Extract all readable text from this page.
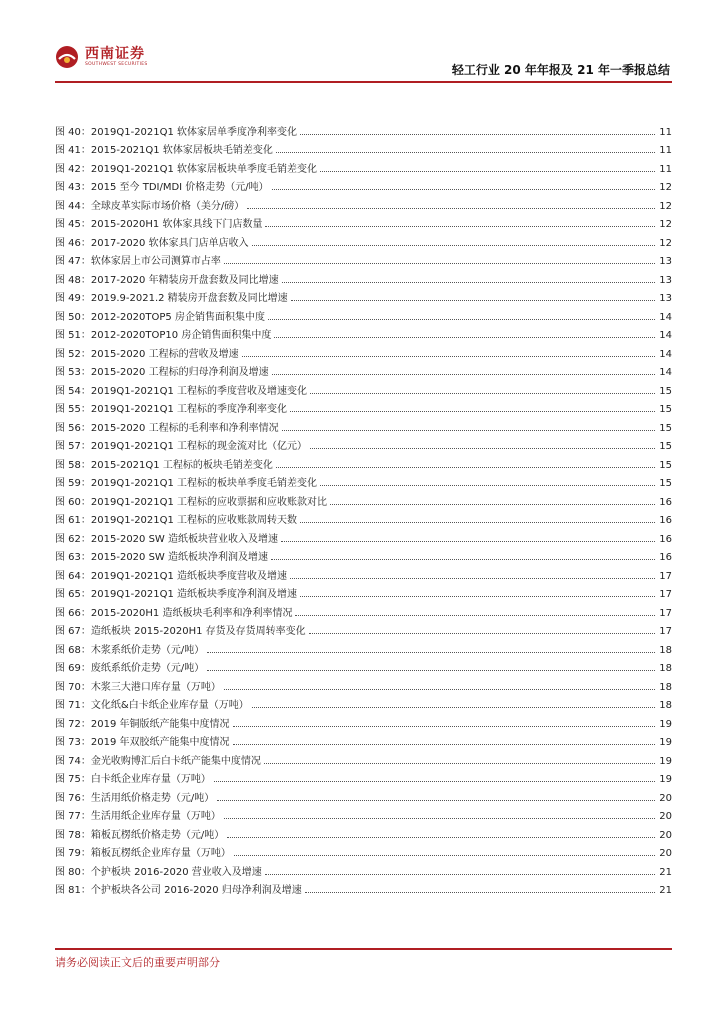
西南证券
SOUTHWEST SECURITIES	轻工行业 20 年年报及 21 年一季报总结
图 40：2019Q1-2021Q1 软体家居单季度净利率变化	11
图 41：2015-2021Q1 软体家居板块毛销差变化	11
图 42：2019Q1-2021Q1 软体家居板块单季度毛销差变化	11
图 43：2015 至今 TDI/MDI 价格走势（元/吨）	12
图 44：全球皮革实际市场价格（美分/磅）	12
图 45：2015-2020H1 软体家具线下门店数量	12
图 46：2017-2020 软体家具门店单店收入	12
图 47：软体家居上市公司测算市占率	13
图 48：2017-2020 年精装房开盘套数及同比增速	13
图 49：2019.9-2021.2 精装房开盘套数及同比增速	13
图 50：2012-2020TOP5 房企销售面积集中度	14
图 51：2012-2020TOP10 房企销售面积集中度	14
图 52：2015-2020 工程标的营收及增速	14
图 53：2015-2020 工程标的归母净利润及增速	14
图 54：2019Q1-2021Q1 工程标的季度营收及增速变化	15
图 55：2019Q1-2021Q1 工程标的季度净利率变化	15
图 56：2015-2020 工程标的毛利率和净利率情况	15
图 57：2019Q1-2021Q1 工程标的现金流对比（亿元）	15
图 58：2015-2021Q1 工程标的板块毛销差变化	15
图 59：2019Q1-2021Q1 工程标的板块单季度毛销差变化	15
图 60：2019Q1-2021Q1 工程标的应收票据和应收账款对比	16
图 61：2019Q1-2021Q1 工程标的应收账款周转天数	16
图 62：2015-2020 SW 造纸板块营业收入及增速	16
图 63：2015-2020 SW 造纸板块净利润及增速	16
图 64：2019Q1-2021Q1 造纸板块季度营收及增速	17
图 65：2019Q1-2021Q1 造纸板块季度净利润及增速	17
图 66：2015-2020H1 造纸板块毛利率和净利率情况	17
图 67：造纸板块 2015-2020H1 存货及存货周转率变化	17
图 68：木浆系纸价走势（元/吨）	18
图 69：废纸系纸价走势（元/吨）	18
图 70：木浆三大港口库存量（万吨）	18
图 71：文化纸&白卡纸企业库存量（万吨）	18
图 72：2019 年铜版纸产能集中度情况	19
图 73：2019 年双胶纸产能集中度情况	19
图 74：金光收购博汇后白卡纸产能集中度情况	19
图 75：白卡纸企业库存量（万吨）	19
图 76：生活用纸价格走势（元/吨）	20
图 77：生活用纸企业库存量（万吨）	20
图 78：箱板瓦楞纸价格走势（元/吨）	20
图 79：箱板瓦楞纸企业库存量（万吨）	20
图 80：个护板块 2016-2020 营业收入及增速	21
图 81：个护板块各公司 2016-2020 归母净利润及增速	21
请务必阅读正文后的重要声明部分
